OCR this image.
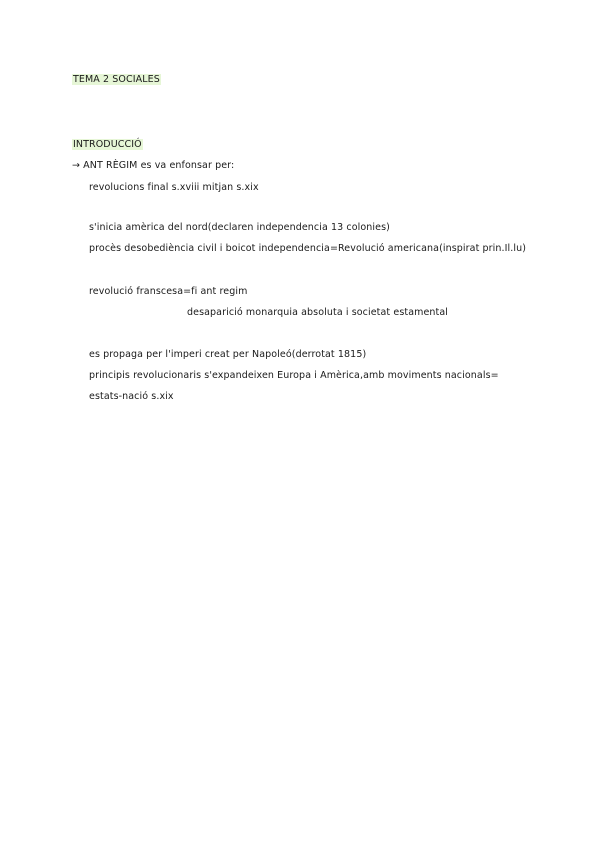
TEMA 2 SOCIALES
INTRODUCCIÓ
→ ANT RÈGIM es va enfonsar per:
revolucions final s.xviii mitjan s.xix
s'inicia amèrica del nord(declaren independencia 13 colonies)
procès desobediència civil i boicot independencia=Revolució americana(inspirat prin.Il.lu)
revolució franscesa=fi ant regim
desaparició monarquia absoluta i societat estamental
es propaga per l'imperi creat per Napoleó(derrotat 1815)
principis revolucionaris s'expandeixen Europa i Amèrica,amb moviments nacionals=
estats-nació s.xix
